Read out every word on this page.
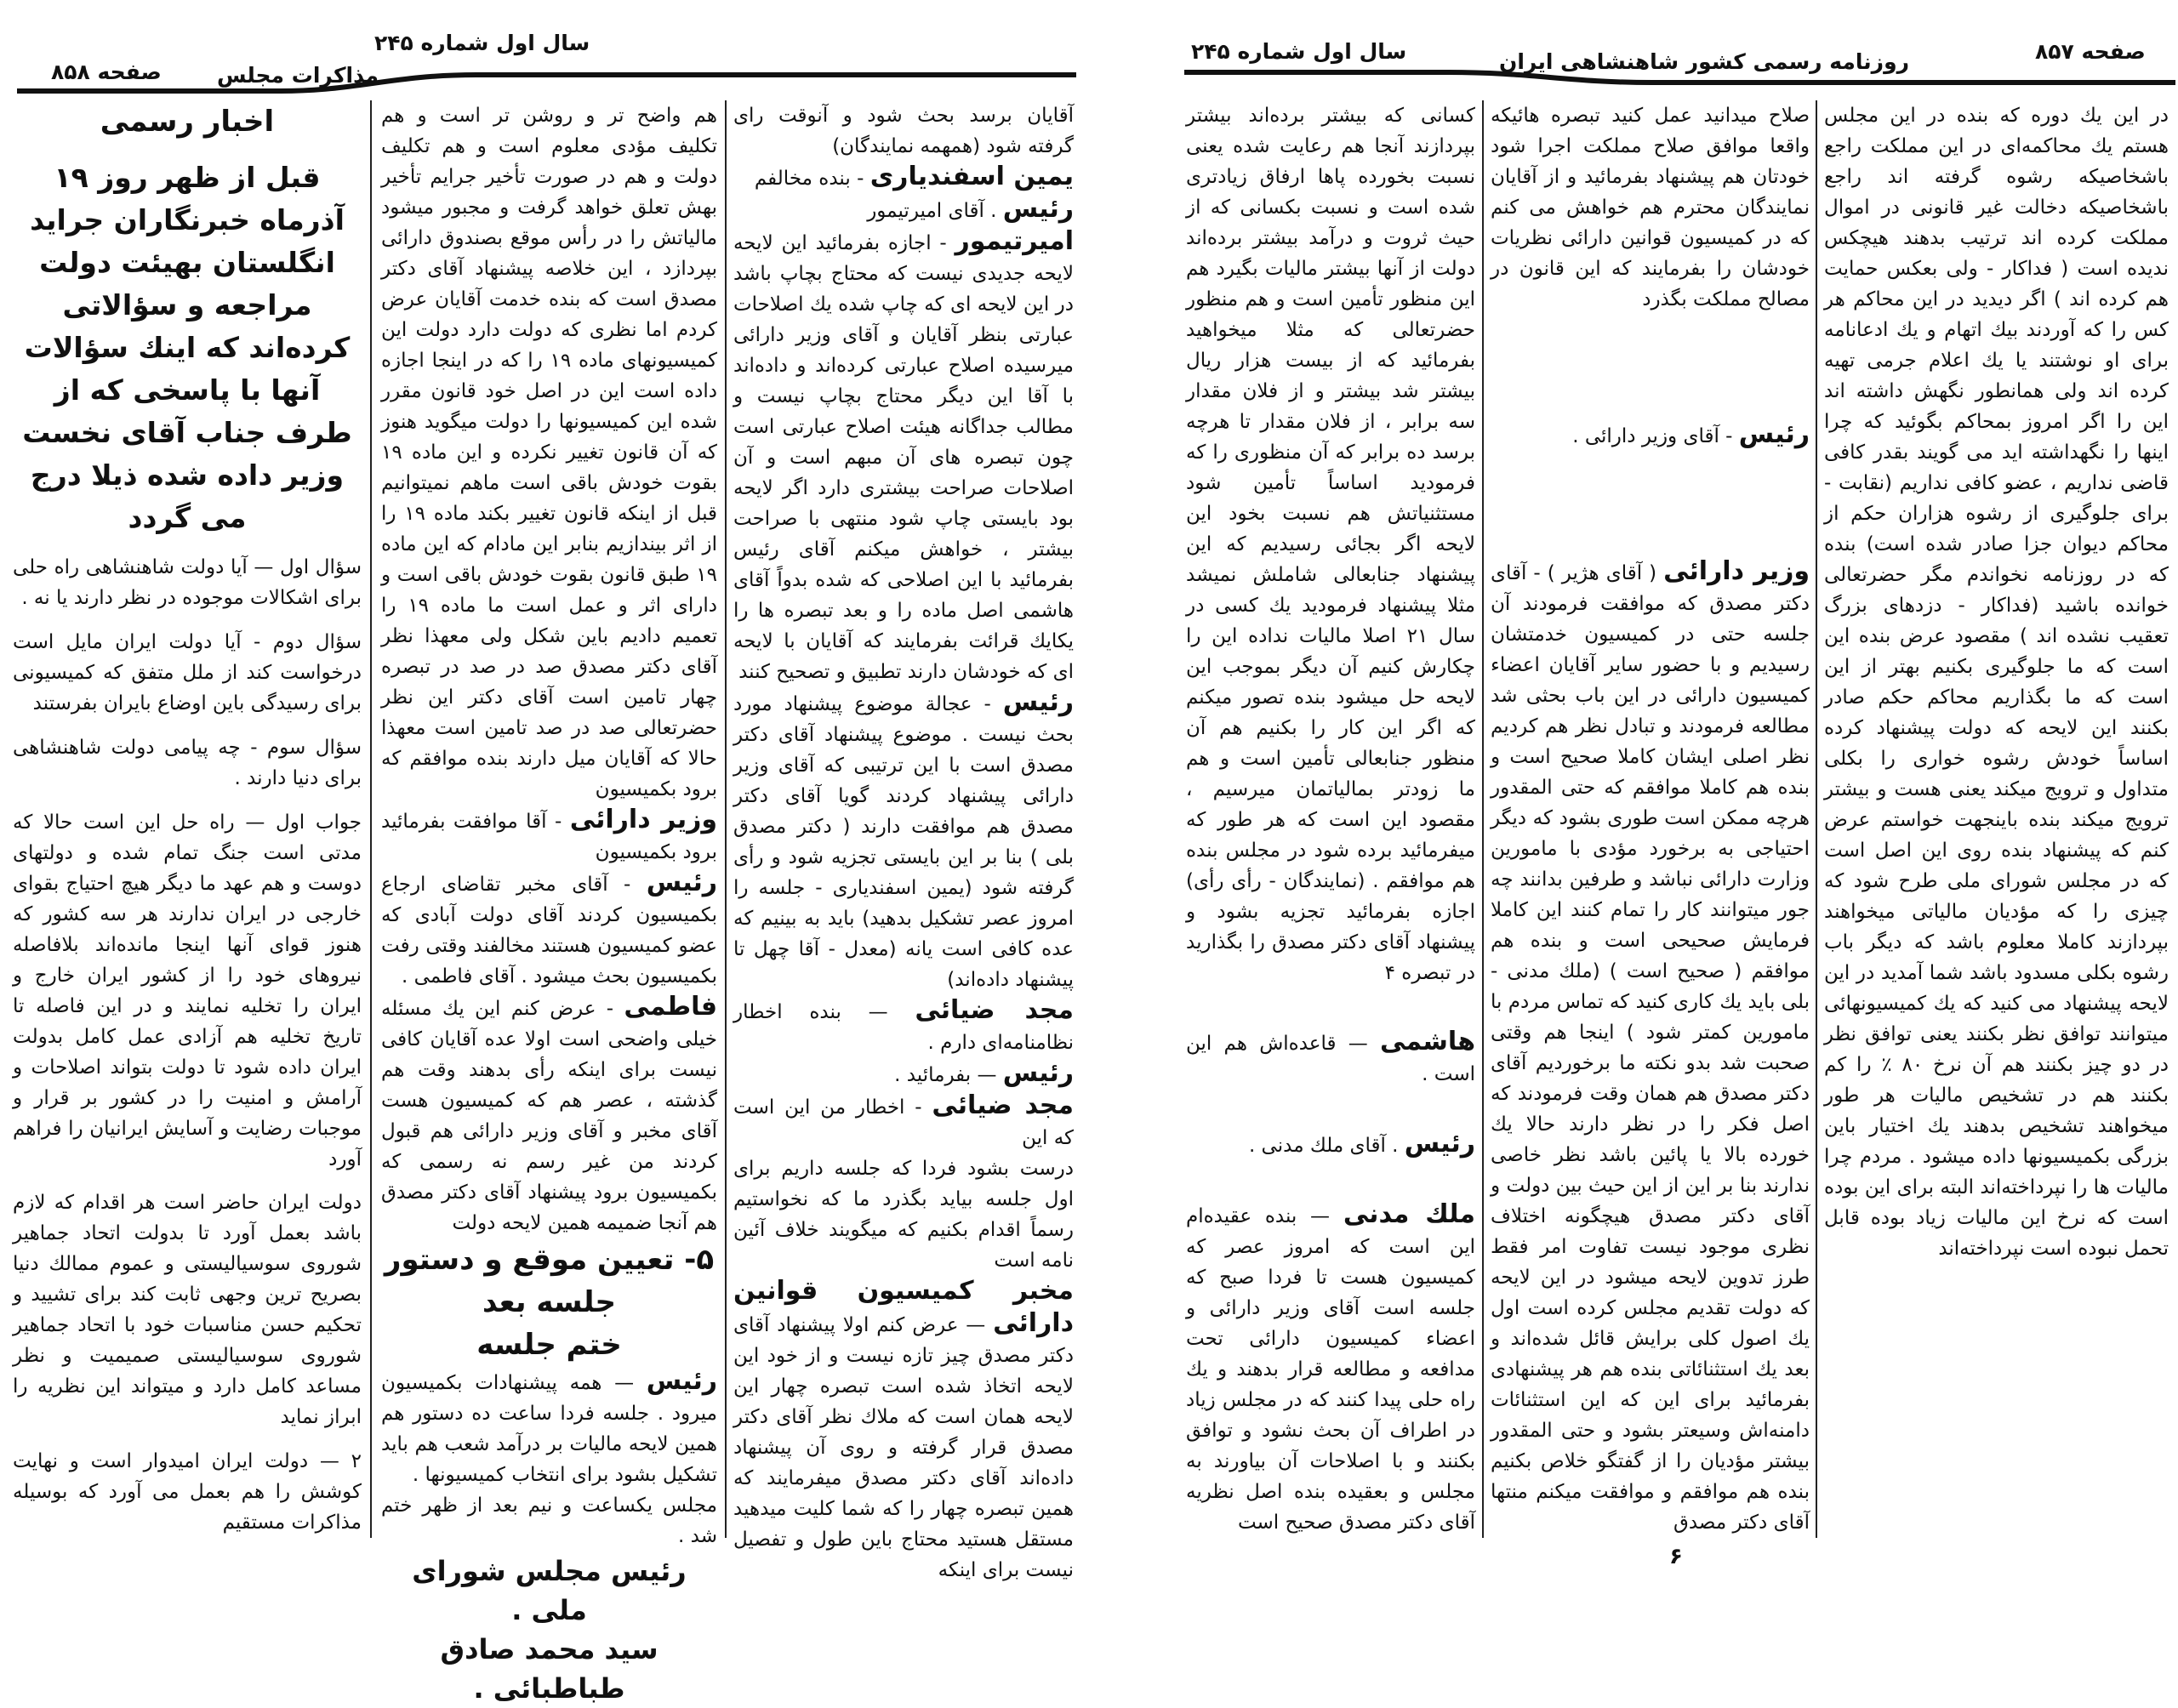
صفحه ۸۵۸	مذاکرات مجلس
سال اول شماره ۲۴۵

اخبار رسمی

قبل از ظهر روز ۱۹ آذرماه خبرنگاران جراید انگلستان بهیئت دولت مراجعه و سؤالاتی کرده‌اند که اینك سؤالات آنها با پاسخی که از طرف جناب آقای نخست وزیر داده شده ذیلا درج می گردد

سؤال اول — آیا دولت شاهنشاهی راه حلی برای اشکالات موجوده در نظر دارند یا نه .

سؤال دوم - آیا دولت ایران مایل است درخواست کند از ملل متفق که کمیسیونی برای رسیدگی باین اوضاع بایران بفرستند

سؤال سوم - چه پیامی دولت شاهنشاهی برای دنیا دارند .

جواب اول — راه حل این است حالا که مدتی است جنگ تمام شده و دولتهای دوست و هم عهد ما دیگر هیچ احتیاج بقوای خارجی در ایران ندارند هر سه کشور که هنوز قوای آنها اینجا مانده‌اند بلافاصله نیروهای خود را از کشور ایران خارج و ایران را تخلیه نمایند و در این فاصله تا تاریخ تخلیه هم آزادی عمل کامل بدولت ایران داده شود تا دولت بتواند اصلاحات و آرامش و امنیت را در کشور بر قرار و موجبات رضایت و آسایش ایرانیان را فراهم آورد

دولت ایران حاضر است هر اقدام که لازم باشد بعمل آورد تا بدولت اتحاد جماهیر شوروی سوسیالیستی و عموم ممالك دنیا بصریح ترین وجهی ثابت کند برای تشیید و تحکیم حسن مناسبات خود با اتحاد جماهیر شوروی سوسیالیستی صمیمیت و نظر مساعد کامل دارد و میتواند این نظریه را ابراز نماید

۲ — دولت ایران امیدوار است و نهایت کوشش را هم بعمل می آورد که بوسیله مذاکرات مستقیم

هم واضح تر و روشن تر است و هم تکلیف مؤدی معلوم است و هم تکلیف دولت و هم در صورت تأخیر جرایم تأخیر بهش تعلق خواهد گرفت و مجبور میشود مالیاتش را در رأس موقع بصندوق دارائی بپردازد ، این خلاصه پیشنهاد آقای دکتر مصدق است که بنده خدمت آقایان عرض کردم اما نظری که دولت دارد دولت این کمیسیونهای ماده ۱۹ را که در اینجا اجازه داده است این در اصل خود قانون مقرر شده این کمیسیونها را دولت میگوید هنوز که آن قانون تغییر نکرده و این ماده ۱۹ بقوت خودش باقی است ماهم نمیتوانیم قبل از اینکه قانون تغییر بکند ماده ۱۹ را از اثر بیندازیم بنابر این مادام که این ماده ۱۹ طبق قانون بقوت خودش باقی است و دارای اثر و عمل است ما ماده ۱۹ را تعمیم دادیم باین شکل ولی معهذا نظر آقای دکتر مصدق صد در صد در تبصره چهار تامین است آقای دکتر این نظر حضرتعالی صد در صد تامین است معهذا حالا که آقایان میل دارند بنده موافقم که برود بکمیسیون

وزیر دارائی - آقا موافقت بفرمائید برود بکمیسیون

رئیس - آقای مخبر تقاضای ارجاع بکمیسیون کردند آقای دولت آبادی که عضو کمیسیون هستند مخالفند وقتی رفت بکمیسیون بحث میشود . آقای فاطمی .

فاطمی - عرض کنم این یك مسئله خیلی واضحی است اولا عده آقایان کافی نیست برای اینکه رأی بدهند وقت هم گذشته ، عصر هم که کمیسیون هست آقای مخبر و آقای وزیر دارائی هم قبول کردند من غیر رسم نه رسمی که بکمیسیون برود پیشنهاد آقای دکتر مصدق هم آنجا ضمیمه همین لایحه دولت

۵- تعیین موقع و دستور جلسه بعد

ختم جلسه

رئیس — همه پیشنهادات بکمیسیون میرود . جلسه فردا ساعت ده دستور هم همین لایحه مالیات بر درآمد شعب هم باید تشکیل بشود برای انتخاب کمیسیونها .

مجلس یکساعت و نیم بعد از ظهر ختم شد .

رئیس مجلس شورای ملی .

سید محمد صادق طباطبائی .

آقایان برسد بحث شود و آنوقت رای گرفته شود (همهمه نمایندگان)

یمین اسفندیاری - بنده مخالفم

رئیس . آقای امیرتیمور

امیرتیمور - اجازه بفرمائید این لایحه لایحه جدیدی نیست که محتاج بچاپ باشد در این لایحه ای که چاپ شده یك اصلاحات عبارتی بنظر آقایان و آقای وزیر دارائی میرسیده اصلاح عبارتی کرده‌اند و داده‌اند با آقا این دیگر محتاج بچاپ نیست و مطالب جداگانه هیئت اصلاح عبارتی است چون تبصره های آن مبهم است و آن اصلاحات صراحت بیشتری دارد اگر لایحه بود بایستی چاپ شود منتهی با صراحت بیشتر ، خواهش میکنم آقای رئیس بفرمائید با این اصلاحی که شده بدواً آقای هاشمی اصل ماده را و بعد تبصره ها را یکایك قرائت بفرمایند که آقایان با لایحه ای که خودشان دارند تطبیق و تصحیح کنند

رئیس - عجالة موضوع پیشنهاد مورد بحث نیست . موضوع پیشنهاد آقای دکتر مصدق است با این ترتیبی که آقای وزیر دارائی پیشنهاد کردند گویا آقای دکتر مصدق هم موافقت دارند ( دکتر مصدق بلی ) بنا بر این بایستی تجزیه شود و رأی گرفته شود (یمین اسفندیاری - جلسه را امروز عصر تشکیل بدهید) باید به بینیم که عده کافی است یانه (معدل - آقا چهل تا پیشنهاد داده‌اند)

مجد ضیائی — بنده اخطار نظامنامه‌ای دارم .

رئیس — بفرمائید .

مجد ضیائی - اخطار من این است که این

درست بشود فردا که جلسه داریم برای اول جلسه بیاید بگذرد ما که نخواستیم رسماً اقدام بکنیم که میگویند خلاف آئین نامه است

مخبر کمیسیون قوانین دارائی — عرض کنم اولا پیشنهاد آقای دکتر مصدق چیز تازه نیست و از خود این لایحه اتخاذ شده است تبصره چهار این لایحه همان است که ملاك نظر آقای دکتر مصدق قرار گرفته و روی آن پیشنهاد داده‌اند آقای دکتر مصدق میفرمایند که همین تبصره چهار را که شما کلیت میدهید مستقل هستید محتاج باین طول و تفصیل نیست برای اینکه

سال اول شماره ۲۴۵	روزنامه رسمی کشور شاهنشاهی ایران	صفحه ۸۵۷

کسانی که بیشتر برده‌اند بیشتر بپردازند آنجا هم رعایت شده یعنی نسبت بخورده پاها ارفاق زیادتری شده است و نسبت بکسانی که از حیث ثروت و درآمد بیشتر برده‌اند دولت از آنها بیشتر مالیات بگیرد هم این منظور تأمین است و هم منظور حضرتعالی که مثلا میخواهید بفرمائید که از بیست هزار ریال بیشتر شد بیشتر و از فلان مقدار سه برابر ، از فلان مقدار تا هرچه برسد ده برابر که آن منظوری را که فرمودید اساساً تأمین شود مستثنیاتش هم نسبت بخود این لایحه اگر بجائی رسیدیم که این پیشنهاد جنابعالی شاملش نمیشد مثلا پیشنهاد فرمودید یك کسی در سال ۲۱ اصلا مالیات نداده این را چکارش کنیم آن دیگر بموجب این لایحه حل میشود بنده تصور میکنم که اگر این کار را بکنیم هم آن منظور جنابعالی تأمین است و هم ما زودتر بمالیاتمان میرسیم ، مقصود این است که هر طور که میفرمائید برده شود در مجلس بنده هم موافقم . (نمایندگان - رأی رأی) اجازه بفرمائید تجزیه بشود و پیشنهاد آقای دکتر مصدق را بگذارید در تبصره ۴

هاشمی — قاعده‌اش هم این است .

رئیس . آقای ملك مدنی .

ملك مدنی — بنده عقیده‌ام این است که امروز عصر که کمیسیون هست تا فردا صبح که جلسه است آقای وزیر دارائی و اعضاء کمیسیون دارائی تحت مدافعه و مطالعه قرار بدهند و یك راه حلی پیدا کنند که در مجلس زیاد در اطراف آن بحث نشود و توافق بکنند و با اصلاحات آن بیاورند به مجلس و بعقیده بنده اصل نظریه آقای دکتر مصدق صحیح است

صلاح میدانید عمل کنید تبصره هائیکه واقعا موافق صلاح مملکت اجرا شود خودتان هم پیشنهاد بفرمائید و از آقایان نمایندگان محترم هم خواهش می کنم که در کمیسیون قوانین دارائی نظریات خودشان را بفرمایند که این قانون در مصالح مملکت بگذرد

رئیس - آقای وزیر دارائی .

وزیر دارائی ( آقای هژیر ) - آقای دکتر مصدق که موافقت فرمودند آن جلسه حتی در کمیسیون خدمتشان رسیدیم و با حضور سایر آقایان اعضاء کمیسیون دارائی در این باب بحثی شد مطالعه فرمودند و تبادل نظر هم کردیم نظر اصلی ایشان کاملا صحیح است و بنده هم کاملا موافقم که حتی المقدور هرچه ممکن است طوری بشود که دیگر احتیاجی به برخورد مؤدی با مامورین وزارت دارائی نباشد و طرفین بدانند چه جور میتوانند کار را تمام کنند این کاملا فرمایش صحیحی است و بنده هم موافقم ( صحیح است ) (ملك مدنی - بلی باید یك کاری کنید که تماس مردم با مامورین کمتر شود ) اینجا هم وقتی صحبت شد بدو نکته ما برخوردیم آقای دکتر مصدق هم همان وقت فرمودند که اصل فکر را در نظر دارند حالا یك خورده بالا یا پائین باشد نظر خاصی ندارند بنا بر این از این حیث بین دولت و آقای دکتر مصدق هیچگونه اختلاف نظری موجود نیست تفاوت امر فقط طرز تدوین لایحه میشود در این لایحه که دولت تقدیم مجلس کرده است اول یك اصول کلی برایش قائل شده‌اند و بعد یك استثنائاتی بنده هم هر پیشنهادی بفرمائید برای این که این استثنائات دامنه‌اش وسیعتر بشود و حتی المقدور بیشتر مؤدیان را از گفتگو خلاص بکنیم بنده هم موافقم و موافقت میکنم منتها آقای دکتر مصدق

در این یك دوره که بنده در این مجلس هستم یك محاکمه‌ای در این مملکت راجع باشخاصیکه رشوه گرفته اند راجع باشخاصیکه دخالت غیر قانونی در اموال مملکت کرده اند ترتیب بدهند هیچکس ندیده است ( فداکار - ولی بعکس حمایت هم کرده اند ) اگر دیدید در این محاکم هر کس را که آوردند بیك اتهام و یك ادعانامه برای او نوشتند یا یك اعلام جرمی تهیه کرده اند ولی همانطور نگهش داشته اند این را اگر امروز بمحاکم بگوئید که چرا اینها را نگهداشته اید می گویند بقدر کافی قاضی نداریم ، عضو کافی نداریم (نقابت - برای جلوگیری از رشوه هزاران حکم از محاکم دیوان جزا صادر شده است) بنده که در روزنامه نخواندم مگر حضرتعالی خوانده باشید (فداکار - دزدهای بزرگ تعقیب نشده اند ) مقصود عرض بنده این است که ما جلوگیری بکنیم بهتر از این است که ما بگذاریم محاکم حکم صادر بکنند این لایحه که دولت پیشنهاد کرده اساساً خودش رشوه خواری را بکلی متداول و ترویج میکند یعنی هست و بیشتر ترویج میکند بنده باینجهت خواستم عرض کنم که پیشنهاد بنده روی این اصل است که در مجلس شورای ملی طرح شود که چیزی را که مؤدیان مالیاتی میخواهند بپردازند کاملا معلوم باشد که دیگر باب رشوه بکلی مسدود باشد شما آمدید در این لایحه پیشنهاد می کنید که یك کمیسیونهائی میتوانند توافق نظر بکنند یعنی توافق نظر در دو چیز بکنند هم آن نرخ ۸۰ ٪ را کم بکنند هم در تشخیص مالیات هر طور میخواهند تشخیص بدهند یك اختیار باین بزرگی بکمیسیونها داده میشود . مردم چرا مالیات ها را نپرداخته‌اند البته برای این بوده است که نرخ این مالیات زیاد بوده قابل تحمل نبوده است نپرداخته‌اند

۶
